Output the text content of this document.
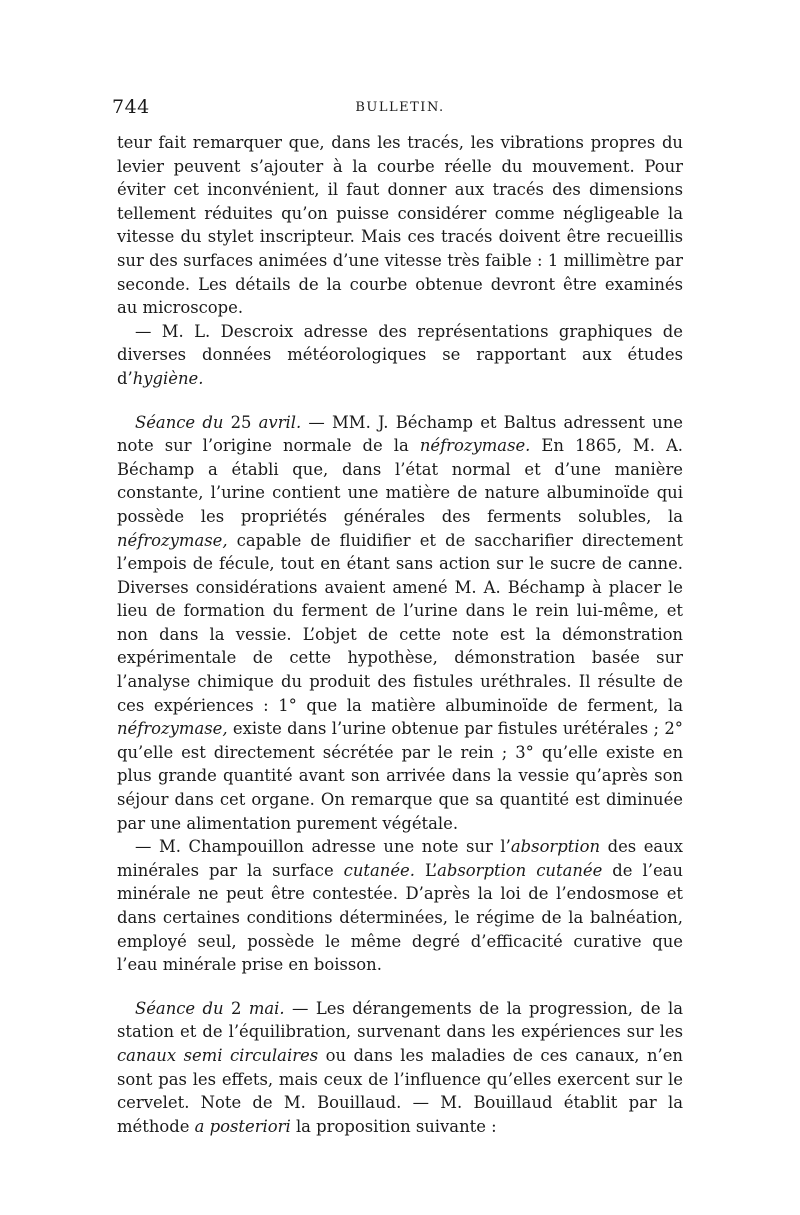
744	BULLETIN.

teur fait remarquer que, dans les tracés, les vibrations propres du levier peuvent s’ajouter à la courbe réelle du mouvement. Pour éviter cet inconvénient, il faut donner aux tracés des dimensions tellement réduites qu’on puisse considérer comme négligeable la vitesse du stylet inscripteur. Mais ces tracés doivent être recueillis sur des surfaces animées d’une vitesse très faible : 1 millimètre par seconde. Les détails de la courbe obtenue devront être examinés au microscope.

— M. L. Descroix adresse des représentations graphiques de diverses données météorologiques se rapportant aux études d’hygiène.

Séance du 25 avril. — MM. J. Béchamp et Baltus adressent une note sur l’origine normale de la néfrozymase. En 1865, M. A. Béchamp a établi que, dans l’état normal et d’une manière constante, l’urine contient une matière de nature albuminoïde qui possède les propriétés générales des ferments solubles, la néfrozymase, capable de fluidifier et de saccharifier directement l’empois de fécule, tout en étant sans action sur le sucre de canne. Diverses considérations avaient amené M. A. Béchamp à placer le lieu de formation du ferment de l’urine dans le rein lui-même, et non dans la vessie. L’objet de cette note est la démonstration expérimentale de cette hypothèse, démonstration basée sur l’analyse chimique du produit des fistules uréthrales. Il résulte de ces expériences : 1° que la matière albuminoïde de ferment, la néfrozymase, existe dans l’urine obtenue par fistules urétérales ; 2° qu’elle est directement sécrétée par le rein ; 3° qu’elle existe en plus grande quantité avant son arrivée dans la vessie qu’après son séjour dans cet organe. On remarque que sa quantité est diminuée par une alimentation purement végétale.

— M. Champouillon adresse une note sur l’absorption des eaux minérales par la surface cutanée. L’absorption cutanée de l’eau minérale ne peut être contestée. D’après la loi de l’endosmose et dans certaines conditions déterminées, le régime de la balnéation, employé seul, possède le même degré d’efficacité curative que l’eau minérale prise en boisson.

Séance du 2 mai. — Les dérangements de la progression, de la station et de l’équilibration, survenant dans les expériences sur les canaux semi circulaires ou dans les maladies de ces canaux, n’en sont pas les effets, mais ceux de l’influence qu’elles exercent sur le cervelet. Note de M. Bouillaud. — M. Bouillaud établit par la méthode a posteriori la proposition suivante :
